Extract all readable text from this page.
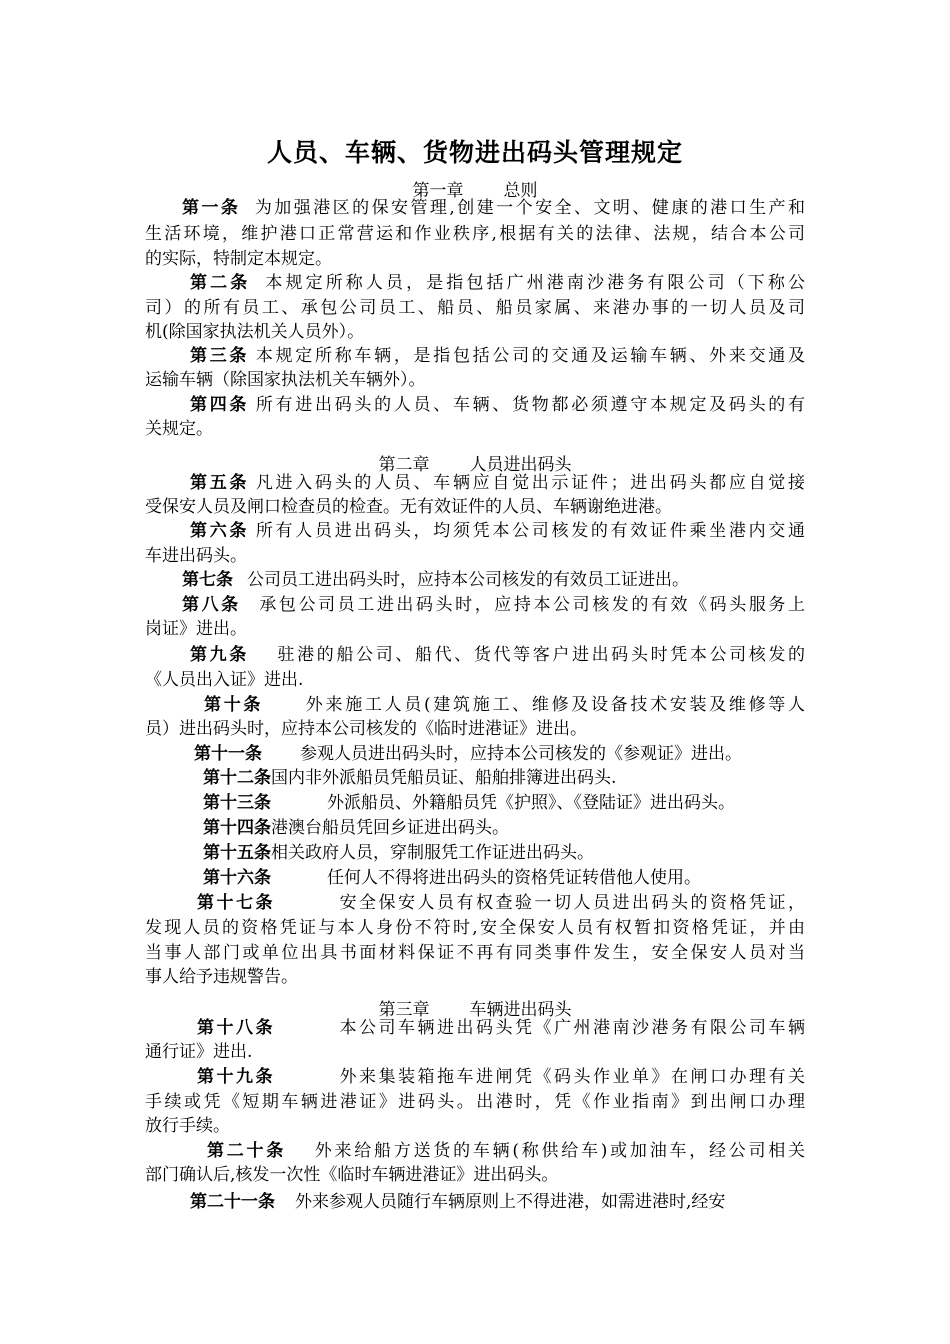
人员、车辆、货物进出码头管理规定
第一章 总则
第二章 人员进出码头
第三章 车辆进出码头
第一条 为加强港区的保安管理,创建一个安全、文明、健康的港口生产和
生活环境，维护港口正常营运和作业秩序,根据有关的法律、法规，结合本公司
的实际，特制定本规定。
第二条 本规定所称人员，是指包括广州港南沙港务有限公司（下称公
司）的所有员工、承包公司员工、船员、船员家属、来港办事的一切人员及司
机(除国家执法机关人员外）。
第三条 本规定所称车辆，是指包括公司的交通及运输车辆、外来交通及
运输车辆（除国家执法机关车辆外）。
第四条 所有进出码头的人员、车辆、货物都必须遵守本规定及码头的有
关规定。
第五条 凡进入码头的人员、车辆应自觉出示证件；进出码头都应自觉接
受保安人员及闸口检查员的检查。无有效证件的人员、车辆谢绝进港。
第六条 所有人员进出码头，均须凭本公司核发的有效证件乘坐港内交通
车进出码头。
第七条 公司员工进出码头时，应持本公司核发的有效员工证进出。
第八条 承包公司员工进出码头时，应持本公司核发的有效《码头服务上
岗证》进出。
第九条 驻港的船公司、船代、货代等客户进出码头时凭本公司核发的
《人员出入证》进出.
第十条 外来施工人员(建筑施工、维修及设备技术安装及维修等人
员）进出码头时，应持本公司核发的《临时进港证》进出。
第十一条 参观人员进出码头时，应持本公司核发的《参观证》进出。
第十二条国内非外派船员凭船员证、船舶排簿进出码头.
第十三条	外派船员、外籍船员凭《护照》、《登陆证》进出码头。
第十四条港澳台船员凭回乡证进出码头。
第十五条相关政府人员，穿制服凭工作证进出码头。
第十六条	任何人不得将进出码头的资格凭证转借他人使用。
第十七条	安全保安人员有权查验一切人员进出码头的资格凭证，
发现人员的资格凭证与本人身份不符时,安全保安人员有权暂扣资格凭证，并由
当事人部门或单位出具书面材料保证不再有同类事件发生，安全保安人员对当
事人给予违规警告。
第十八条	本公司车辆进出码头凭《广州港南沙港务有限公司车辆
通行证》进出.
第十九条	外来集装箱拖车进闸凭《码头作业单》在闸口办理有关
手续或凭《短期车辆进港证》进码头。出港时，凭《作业指南》到出闸口办理
放行手续。
第二十条 外来给船方送货的车辆(称供给车)或加油车，经公司相关
部门确认后,核发一次性《临时车辆进港证》进出码头。
第二十一条 外来参观人员随行车辆原则上不得进港，如需进港时,经安
